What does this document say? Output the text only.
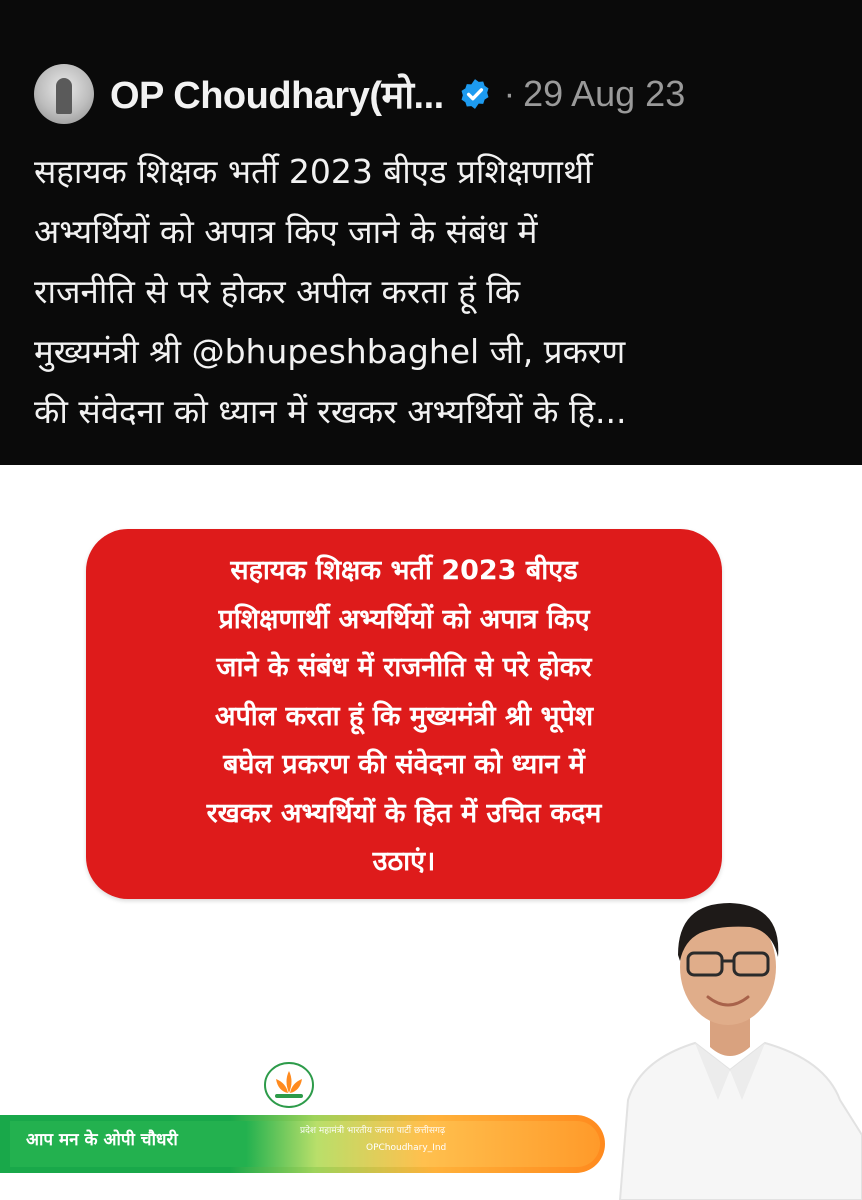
OP Choudhary(मो... · 29 Aug 23

सहायक शिक्षक भर्ती 2023 बीएड प्रशिक्षणार्थी
अभ्यर्थियों को अपात्र किए जाने के संबंध में
राजनीति से परे होकर अपील करता हूं कि
मुख्यमंत्री श्री @bhupeshbaghel जी, प्रकरण
की संवेदना को ध्यान में रखकर अभ्यर्थियों के हि...

सहायक शिक्षक भर्ती 2023 बीएड
प्रशिक्षणार्थी अभ्यर्थियों को अपात्र किए
जाने के संबंध में राजनीति से परे होकर
अपील करता हूं कि मुख्यमंत्री श्री भूपेश
बघेल प्रकरण की संवेदना को ध्यान में
रखकर अभ्यर्थियों के हित में उचित कदम
उठाएं।

आप मन के ओपी चौधरी	प्रदेश महामंत्री भारतीय जनता पार्टी छत्तीसगढ़
OPChoudhary_Ind
